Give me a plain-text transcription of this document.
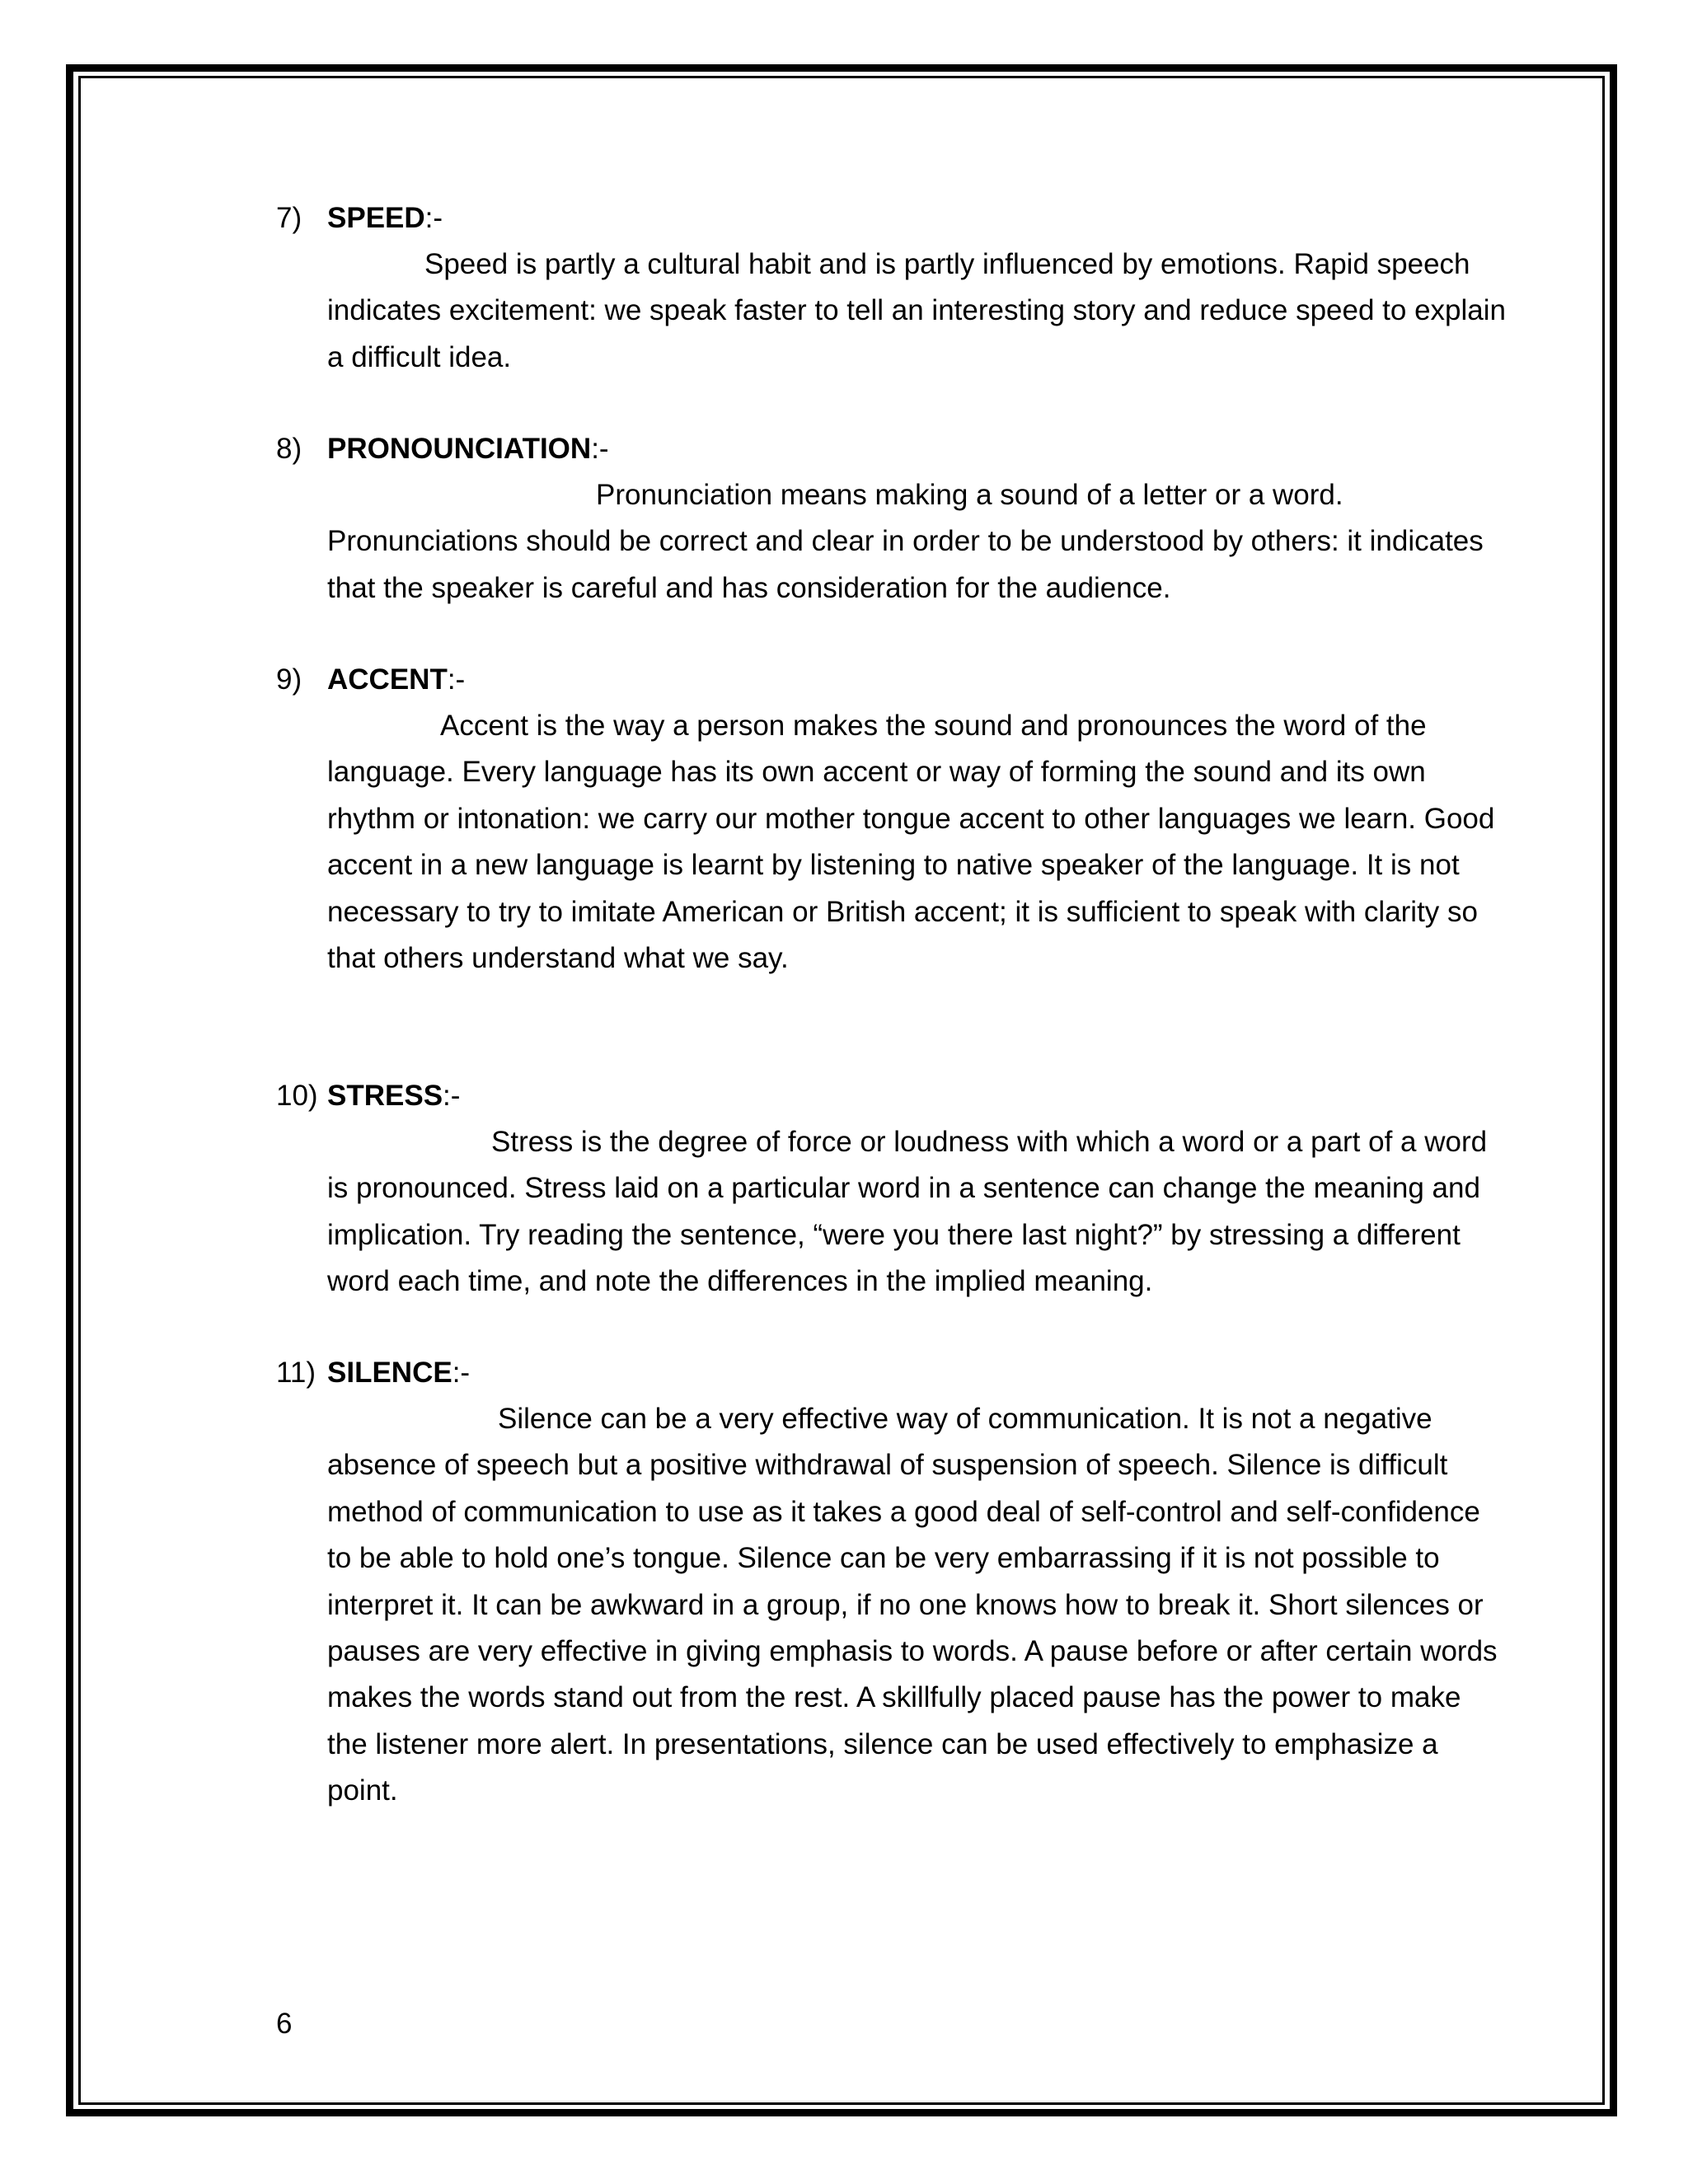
7) SPEED:-

Speed is partly a cultural habit and is partly influenced by emotions. Rapid speech indicates excitement: we speak faster to tell an interesting story and reduce speed to explain a difficult idea.

8) PRONOUNCIATION:-

Pronunciation means making a sound of a letter or a word. Pronunciations should be correct and clear in order to be understood by others: it indicates that the speaker is careful and has consideration for the audience.

9) ACCENT:-

Accent is the way a person makes the sound and pronounces the word of the language. Every language has its own accent or way of forming the sound and its own rhythm or intonation: we carry our mother tongue accent to other languages we learn. Good accent in a new language is learnt by listening to native speaker of the language. It is not necessary to try to imitate American or British accent; it is sufficient to speak with clarity so that others understand what we say.

10) STRESS:-

Stress is the degree of force or loudness with which a word or a part of a word is pronounced. Stress laid on a particular word in a sentence can change the meaning and implication. Try reading the sentence, “were you there last night?” by stressing a different word each time, and note the differences in the implied meaning.

11) SILENCE:-

Silence can be a very effective way of communication. It is not a negative absence of speech but a positive withdrawal of suspension of speech. Silence is difficult method of communication to use as it takes a good deal of self-control and self-confidence to be able to hold one’s tongue. Silence can be very embarrassing if it is not possible to interpret it. It can be awkward in a group, if no one knows how to break it. Short silences or pauses are very effective in giving emphasis to words. A pause before or after certain words makes the words stand out from the rest. A skillfully placed pause has the power to make the listener more alert. In presentations, silence can be used effectively to emphasize a point.

6
